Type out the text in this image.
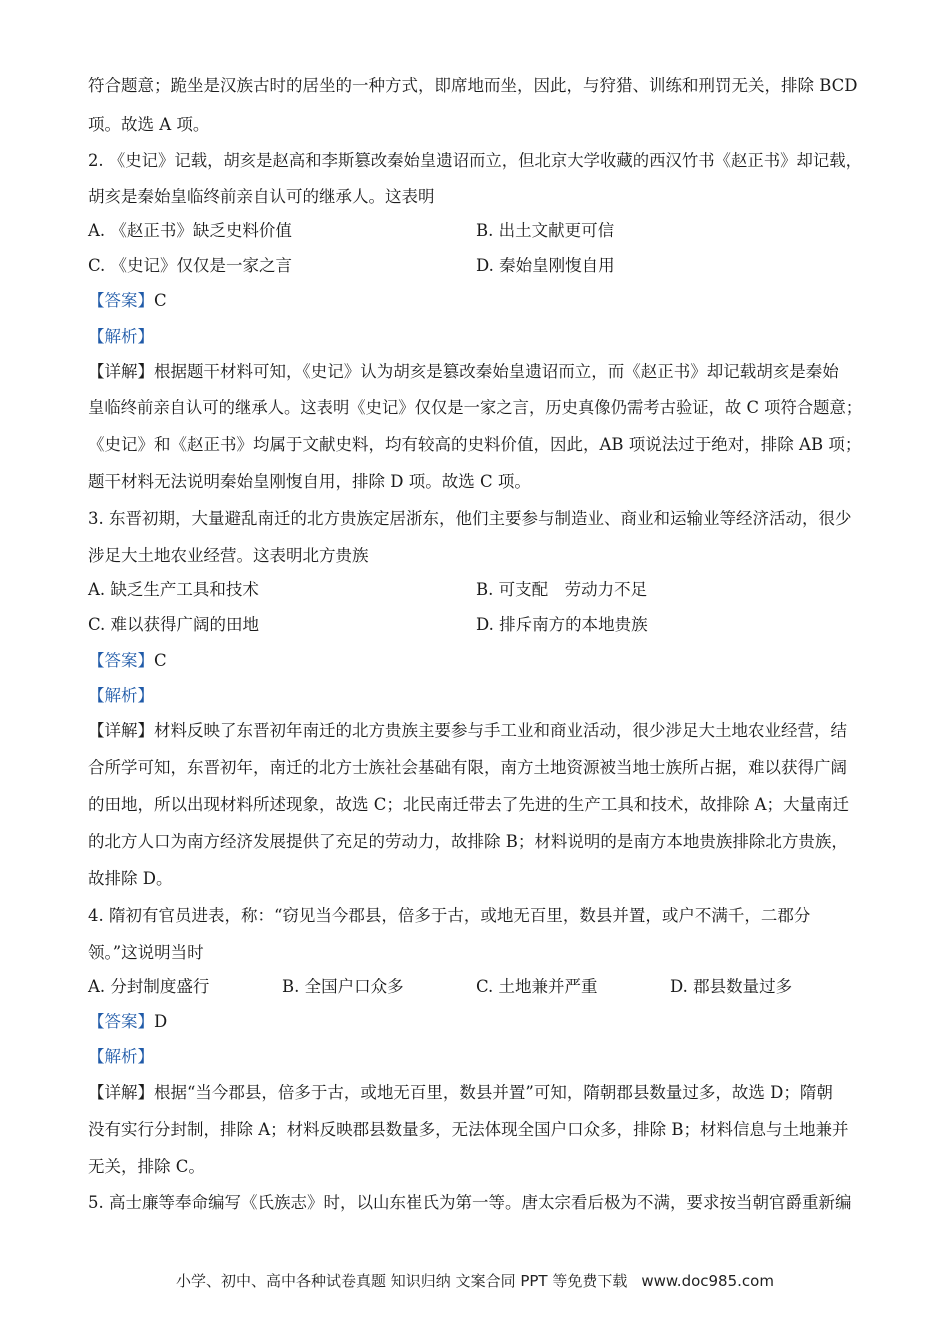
符合题意；跪坐是汉族古时的居坐的一种方式，即席地而坐，因此，与狩猎、训练和刑罚无关，排除 BCD
项。故选 A 项。
2. 《史记》记载，胡亥是赵高和李斯篡改秦始皇遗诏而立，但北京大学收藏的西汉竹书《赵正书》却记载，
胡亥是秦始皇临终前亲自认可的继承人。这表明
A. 《赵正书》缺乏史料价值	B. 出土文献更可信
C. 《史记》仅仅是一家之言	D. 秦始皇刚愎自用
【答案】C
【解析】
【详解】根据题干材料可知，《史记》认为胡亥是篡改秦始皇遗诏而立，而《赵正书》却记载胡亥是秦始
皇临终前亲自认可的继承人。这表明《史记》仅仅是一家之言，历史真像仍需考古验证，故 C 项符合题意；
《史记》和《赵正书》均属于文献史料，均有较高的史料价值，因此，AB 项说法过于绝对，排除 AB 项；
题干材料无法说明秦始皇刚愎自用，排除 D 项。故选 C 项。
3. 东晋初期，大量避乱南迁的北方贵族定居浙东，他们主要参与制造业、商业和运输业等经济活动，很少
涉足大土地农业经营。这表明北方贵族
A. 缺乏生产工具和技术	B. 可支配　劳动力不足
C. 难以获得广阔的田地	D. 排斥南方的本地贵族
【答案】C
【解析】
【详解】材料反映了东晋初年南迁的北方贵族主要参与手工业和商业活动，很少涉足大土地农业经营，结
合所学可知，东晋初年，南迁的北方士族社会基础有限，南方土地资源被当地士族所占据，难以获得广阔
的田地，所以出现材料所述现象，故选 C；北民南迁带去了先进的生产工具和技术，故排除 A；大量南迁
的北方人口为南方经济发展提供了充足的劳动力，故排除 B；材料说明的是南方本地贵族排除北方贵族，
故排除 D。
4. 隋初有官员进表，称：“窃见当今郡县，倍多于古，或地无百里，数县并置，或户不满千，二郡分
领。”这说明当时
A. 分封制度盛行	B. 全国户口众多	C. 土地兼并严重	D. 郡县数量过多
【答案】D
【解析】
【详解】根据“当今郡县，倍多于古，或地无百里，数县并置”可知，隋朝郡县数量过多，故选 D；隋朝
没有实行分封制，排除 A；材料反映郡县数量多，无法体现全国户口众多，排除 B；材料信息与土地兼并
无关，排除 C。
5. 高士廉等奉命编写《氏族志》时，以山东崔氏为第一等。唐太宗看后极为不满，要求按当朝官爵重新编
小学、初中、高中各种试卷真题 知识归纳 文案合同 PPT 等免费下载 www.doc985.com
